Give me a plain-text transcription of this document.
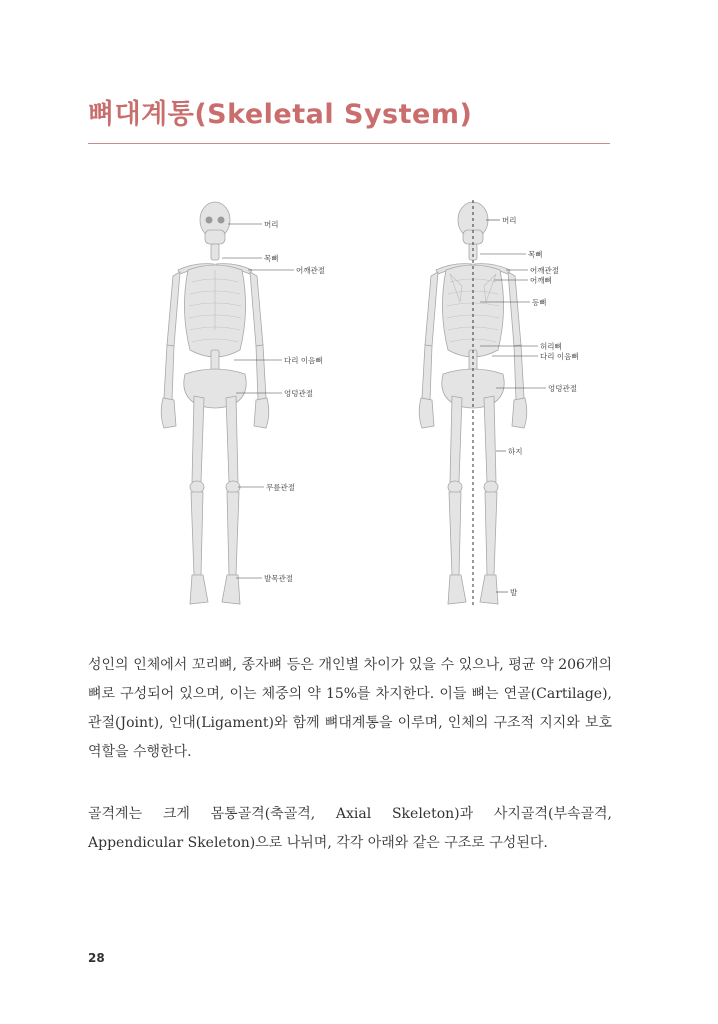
뼈대계통(Skeletal System)
머리
목뼈
어깨관절
다리 이음뼈
엉덩관절
무릎관절
발목관절
머리
목뼈
어깨관절
어깨뼈
등뼈
허리뼈
다리 이음뼈
엉덩관절
하지
발

성인의 인체에서 꼬리뼈, 종자뼈 등은 개인별 차이가 있을 수 있으나, 평균 약 206개의 뼈로 구성되어 있으며, 이는 체중의 약 15%를 차지한다. 이들 뼈는 연골(Cartilage), 관절(Joint), 인대(Ligament)와 함께 뼈대계통을 이루며, 인체의 구조적 지지와 보호 역할을 수행한다.

골격계는 크게 몸통골격(축골격, Axial Skeleton)과 사지골격(부속골격, Appendicular Skeleton)으로 나뉘며, 각각 아래와 같은 구조로 구성된다.

28
